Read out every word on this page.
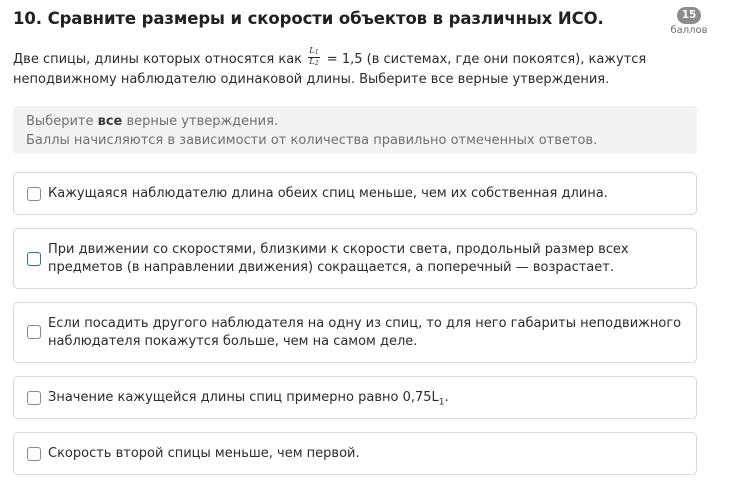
10. Сравните размеры и скорости объектов в различных ИСО.	15
баллов
Две спицы, длины которых относятся как $\frac{L_1}{L_2} = 1,5$ (в системах, где они покоятся), кажутся неподвижному наблюдателю одинаковой длины. Выберите все верные утверждения.
Выберите все верные утверждения.
Баллы начисляются в зависимости от количества правильно отмеченных ответов.
Кажущаяся наблюдателю длина обеих спиц меньше, чем их собственная длина.
При движении со скоростями, близкими к скорости света, продольный размер всех предметов (в направлении движения) сокращается, а поперечный — возрастает.
Если посадить другого наблюдателя на одну из спиц, то для него габариты неподвижного наблюдателя покажутся больше, чем на самом деле.
Значение кажущейся длины спиц примерно равно $0,75L_1$.
Скорость второй спицы меньше, чем первой.
